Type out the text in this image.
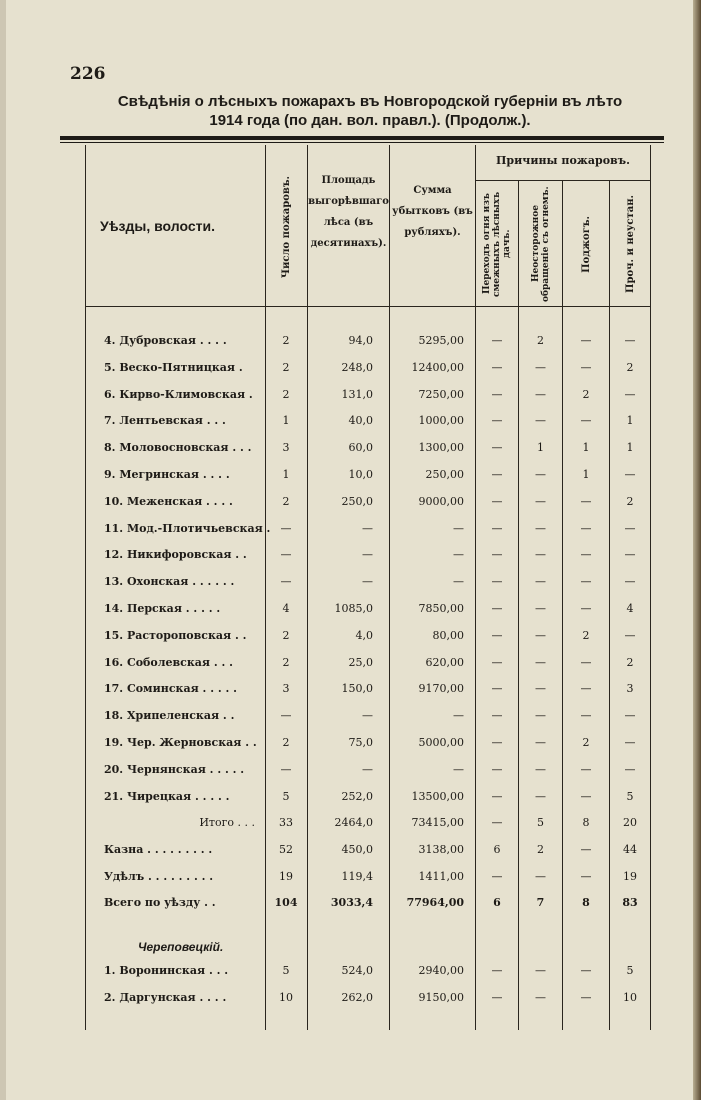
226
Свѣдѣнія о лѣсныхъ пожарахъ въ Новгородской губерніи въ лѣто
1914 года (по дан. вол. правл.). (Продолж.).
Уѣзды, волости.	Число пожаровъ.	Площадь выгорѣвшаго лѣса (въ десятинахъ).
Сумма убытковъ (въ рубляхъ).
Причины пожаровъ.
Переходъ огня изъ смежныхъ лѣсныхъ дачъ. Неосторожное обращеніе съ огнемъ.	Поджогъ.	Проч. и неустан.
4. Дубровская . . . .	2	94,0	5295,00	—	2	—	—
5. Веско-Пятницкая .	2	248,0	12400,00	—	—	—	2
6. Кирво-Климовская .	2	131,0	7250,00	—	—	2	—
7. Лентьевская . . .	1	40,0	1000,00	—	—	—	1
8. Моловосновская . . .	3	60,0	1300,00	—	1	1	1
9. Мегринская . . . .	1	10,0	250,00	—	—	1	—
10. Меженская . . . .	2	250,0	9000,00	—	—	—	2
11. Мод.-Плотичьевская . —	—	—	—	—	—	—
12. Никифоровская . .	—	—	—	—	—	—	—
13. Охонская . . . . . .	—	—	—	—	—	—	—
14. Перская . . . . .	4	1085,0	7850,00	—	—	—	4
15. Растороповская . .	2	4,0	80,00	—	—	2	—
16. Соболевская . . .	2	25,0	620,00	—	—	—	2
17. Соминская . . . . .	3	150,0	9170,00	—	—	—	3
18. Хрипеленская . .	—	—	—	—	—	—	—
19. Чер. Жерновская . .	2	75,0	5000,00	—	—	2	—
20. Чернянская . . . . .	—	—	—	—	—	—	—
21. Чирецкая . . . . .	5	252,0	13500,00	—	—	—	5
Итого . . .	33	2464,0	73415,00	—	5	8	20
Казна . . . . . . . . .	52	450,0	3138,00	6	2	—	44
Удѣлъ . . . . . . . . .	19	119,4	1411,00	—	—	—	19
Всего по уѣзду . .	104	3033,4	77964,00	6	7	8	83
1. Воронинская . . .	5	524,0	2940,00	—	—	—	5
2. Даргунская . . . .	10	262,0	9150,00	—	—	—	10
Череповецкій.
